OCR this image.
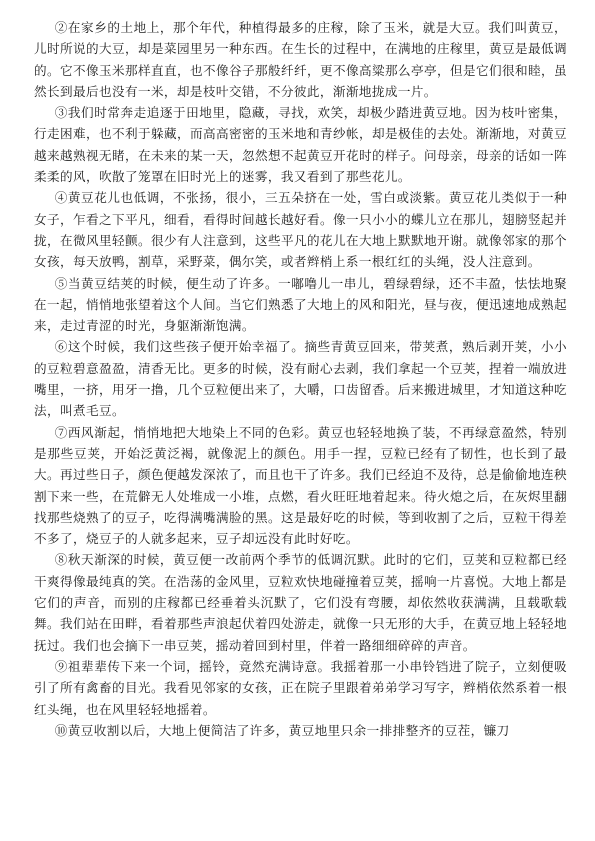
②在家乡的土地上，那个年代，种植得最多的庄稼，除了玉米，就是大豆。我们叫黄豆，儿时所说的大豆，却是菜园里另一种东西。在生长的过程中，在满地的庄稼里，黄豆是最低调的。它不像玉米那样直直，也不像谷子那般纤纤，更不像高粱那么亭亭，但是它们很和睦，虽然长到最后也没有一米，却是枝叶交错，不分彼此，渐渐地拢成一片。

③我们时常奔走追逐于田地里，隐藏，寻找，欢笑，却极少踏进黄豆地。因为枝叶密集，行走困难，也不利于躲藏，而高高密密的玉米地和青纱帐，却是极佳的去处。渐渐地，对黄豆越来越熟视无睹，在未来的某一天，忽然想不起黄豆开花时的样子。问母亲，母亲的话如一阵柔柔的风，吹散了笼罩在旧时光上的迷雾，我又看到了那些花儿。

④黄豆花儿也低调，不张扬，很小，三五朵挤在一处，雪白或淡紫。黄豆花儿类似于一种女子，乍看之下平凡，细看，看得时间越长越好看。像一只小小的蝶儿立在那儿，翅膀竖起并拢，在微风里轻颤。很少有人注意到，这些平凡的花儿在大地上默默地开谢。就像邻家的那个女孩，每天放鸭，割草，采野菜，偶尔笑，或者辫梢上系一根红红的头绳，没人注意到。

⑤当黄豆结荚的时候，便生动了许多。一嘟噜儿一串儿，碧绿碧绿，还不丰盈，怯怯地聚在一起，悄悄地张望着这个人间。当它们熟悉了大地上的风和阳光，昼与夜，便迅速地成熟起来，走过青涩的时光，身躯渐渐饱满。

⑥这个时候，我们这些孩子便开始幸福了。摘些青黄豆回来，带荚煮，熟后剥开荚，小小的豆粒碧意盈盈，清香无比。更多的时候，没有耐心去剥，我们拿起一个豆荚，捏着一端放进嘴里，一挤，用牙一撸，几个豆粒便出来了，大嚼，口齿留香。后来搬进城里，才知道这种吃法，叫煮毛豆。

⑦西风渐起，悄悄地把大地染上不同的色彩。黄豆也轻轻地换了装，不再绿意盈然，特别是那些豆荚，开始泛黄泛褐，就像泥上的颜色。用手一捏，豆粒已经有了韧性，也长到了最大。再过些日子，颜色便越发深浓了，而且也干了许多。我们已经迫不及待，总是偷偷地连秧割下来一些，在荒僻无人处堆成一小堆，点燃，看火旺旺地着起来。待火熄之后，在灰烬里翻找那些烧熟了的豆子，吃得满嘴满脸的黑。这是最好吃的时候，等到收割了之后，豆粒干得差不多了，烧豆子的人就多起来，豆子却远没有此时好吃。

⑧秋天渐深的时候，黄豆便一改前两个季节的低调沉默。此时的它们，豆荚和豆粒都已经干爽得像最纯真的笑。在浩荡的金风里，豆粒欢快地碰撞着豆荚，摇响一片喜悦。大地上都是它们的声音，而别的庄稼都已经垂着头沉默了，它们没有弯腰，却依然收获满满，且载歌载舞。我们站在田畔，看着那些声浪起伏着四处游走，就像一只无形的大手，在黄豆地上轻轻地抚过。我们也会摘下一串豆荚，摇动着回到村里，伴着一路细细碎碎的声音。

⑨祖辈辈传下来一个词，摇铃，竟然充满诗意。我摇着那一小串铃铛进了院子，立刻便吸引了所有禽畜的目光。我看见邻家的女孩，正在院子里跟着弟弟学习写字，辫梢依然系着一根红头绳，也在风里轻轻地摇着。

⑩黄豆收割以后，大地上便简洁了许多，黄豆地里只余一排排整齐的豆茬，镰刀
